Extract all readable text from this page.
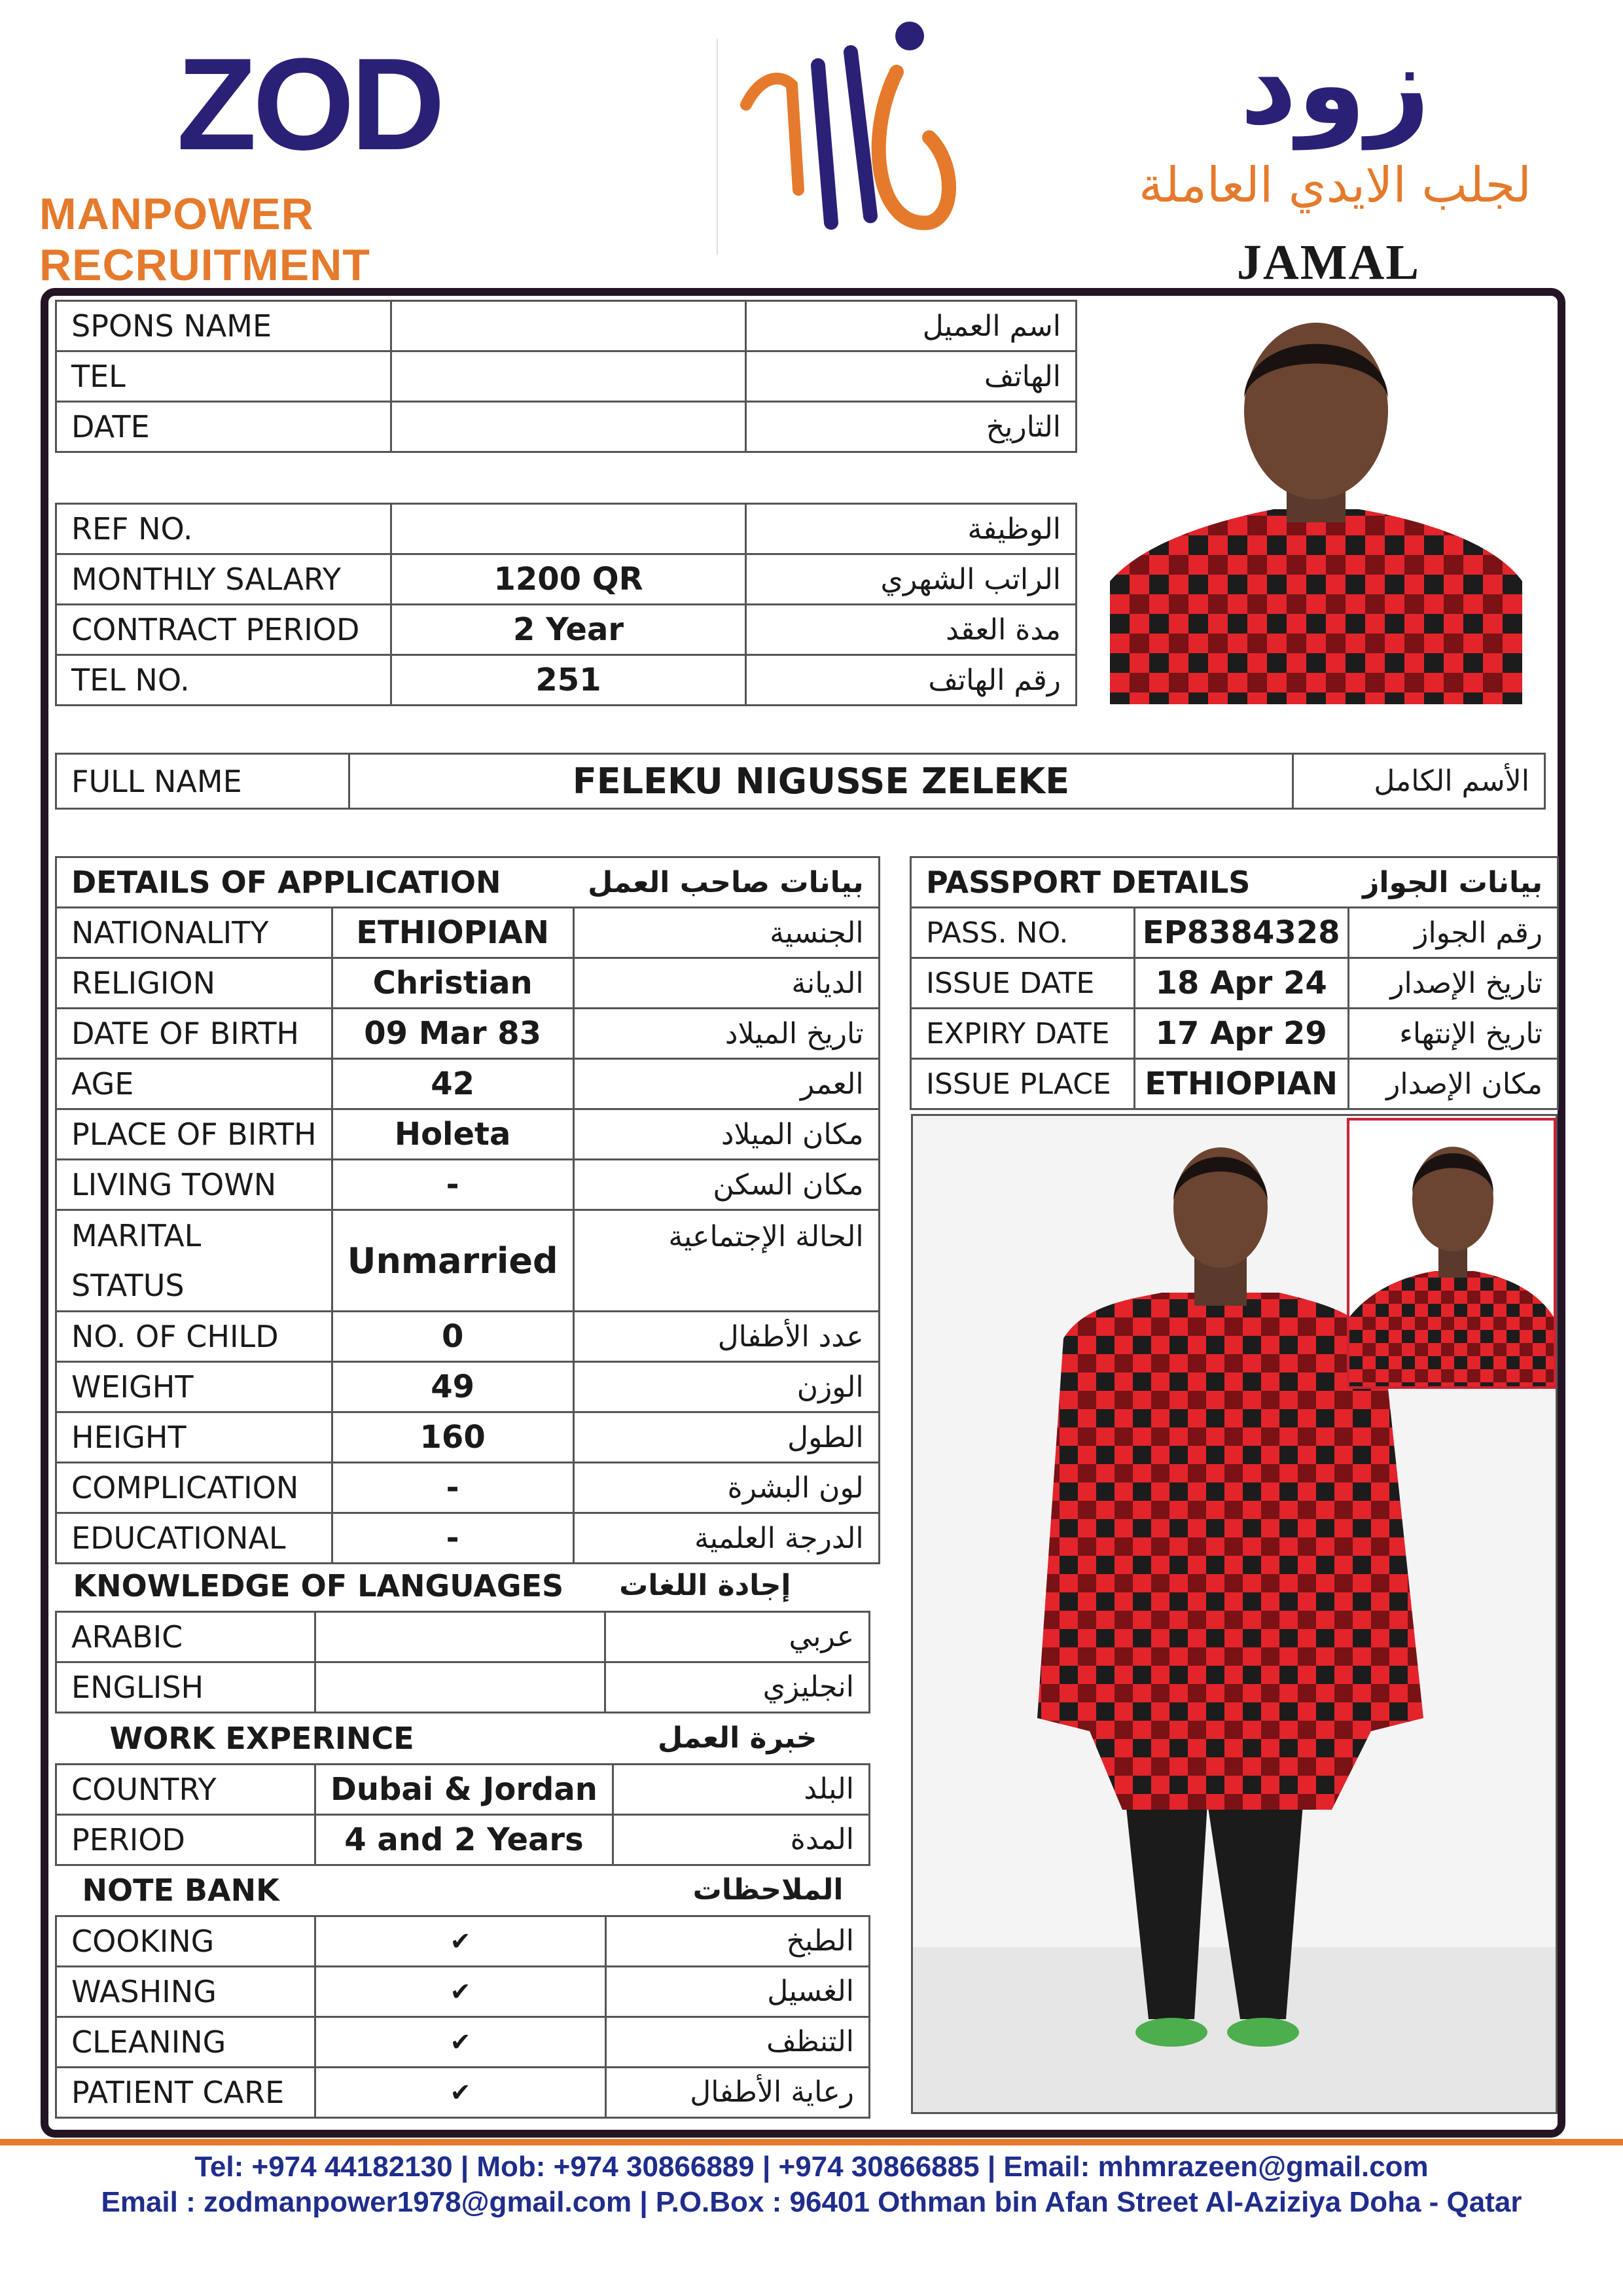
ZOD
MANPOWER RECRUITMENT
زود
لجلب الايدي العاملة
JAMAL
SPONS NAME		اسم العميل
TEL		الهاتف
DATE		التاريخ
REF NO.		الوظيفة
MONTHLY SALARY	1200 QR	الراتب الشهري
CONTRACT PERIOD	2 Year	مدة العقد
TEL NO.	251	رقم الهاتف
FULL NAME	FELEKU NIGUSSE ZELEKE	الأسم الكامل
DETAILS OF APPLICATION		بيانات صاحب العمل
NATIONALITY	ETHIOPIAN	الجنسية
RELIGION	Christian	الديانة
DATE OF BIRTH	09 Mar 83	تاريخ الميلاد
AGE	42	العمر
PLACE OF BIRTH	Holeta	مكان الميلاد
LIVING TOWN	-	مكان السكن
MARITAL STATUS	Unmarried	الحالة الإجتماعية
NO. OF CHILD	0	عدد الأطفال
WEIGHT	49	الوزن
HEIGHT	160	الطول
COMPLICATION	-	لون البشرة
EDUCATIONAL	-	الدرجة العلمية
PASSPORT DETAILS		بيانات الجواز
PASS. NO.	EP8384328	رقم الجواز
ISSUE DATE	18 Apr 24	تاريخ الإصدار
EXPIRY DATE	17 Apr 29	تاريخ الإنتهاء
ISSUE PLACE	ETHIOPIAN	مكان الإصدار
KNOWLEDGE OF LANGUAGES		إجادة اللغات
ARABIC		عربي
ENGLISH		انجليزي
WORK EXPERINCE		خبرة العمل
COUNTRY	Dubai & Jordan	البلد
PERIOD	4 and 2 Years	المدة
NOTE BANK		الملاحظات
COOKING	✔	الطبخ
WASHING	✔	الغسيل
CLEANING	✔	التنظف
PATIENT CARE	✔	رعاية الأطفال
Tel: +974 44182130 | Mob: +974 30866889 | +974 30866885 | Email: mhmrazeen@gmail.com
Email : zodmanpower1978@gmail.com | P.O.Box : 96401 Othman bin Afan Street Al-Aziziya Doha - Qatar
